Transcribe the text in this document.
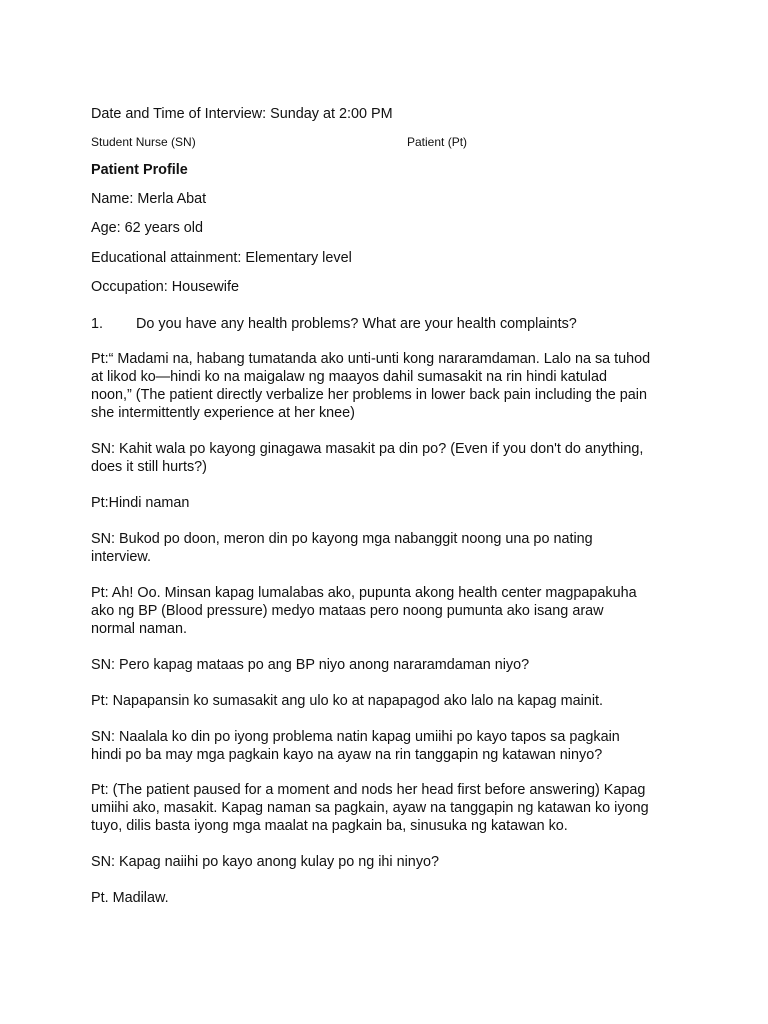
Date and Time of Interview: Sunday at 2:00 PM
Student Nurse (SN)	Patient (Pt)
Patient Profile
Name: Merla Abat
Age: 62 years old
Educational attainment: Elementary level
Occupation: Housewife
1. Do you have any health problems? What are your health complaints?
Pt:“ Madami na, habang tumatanda ako unti-unti kong nararamdaman. Lalo na sa tuhod
at likod ko—hindi ko na maigalaw ng maayos dahil sumasakit na rin hindi katulad
noon,” (The patient directly verbalize her problems in lower back pain including the pain
she intermittently experience at her knee)
SN: Kahit wala po kayong ginagawa masakit pa din po? (Even if you don't do anything,
does it still hurts?)
Pt:Hindi naman
SN: Bukod po doon, meron din po kayong mga nabanggit noong una po nating
interview.
Pt: Ah! Oo. Minsan kapag lumalabas ako, pupunta akong health center magpapakuha
ako ng BP (Blood pressure) medyo mataas pero noong pumunta ako isang araw
normal naman.
SN: Pero kapag mataas po ang BP niyo anong nararamdaman niyo?
Pt: Napapansin ko sumasakit ang ulo ko at napapagod ako lalo na kapag mainit.
SN: Naalala ko din po iyong problema natin kapag umiihi po kayo tapos sa pagkain
hindi po ba may mga pagkain kayo na ayaw na rin tanggapin ng katawan ninyo?
Pt: (The patient paused for a moment and nods her head first before answering) Kapag
umiihi ako, masakit. Kapag naman sa pagkain, ayaw na tanggapin ng katawan ko iyong
tuyo, dilis basta iyong mga maalat na pagkain ba, sinusuka ng katawan ko.
SN: Kapag naiihi po kayo anong kulay po ng ihi ninyo?
Pt. Madilaw.
